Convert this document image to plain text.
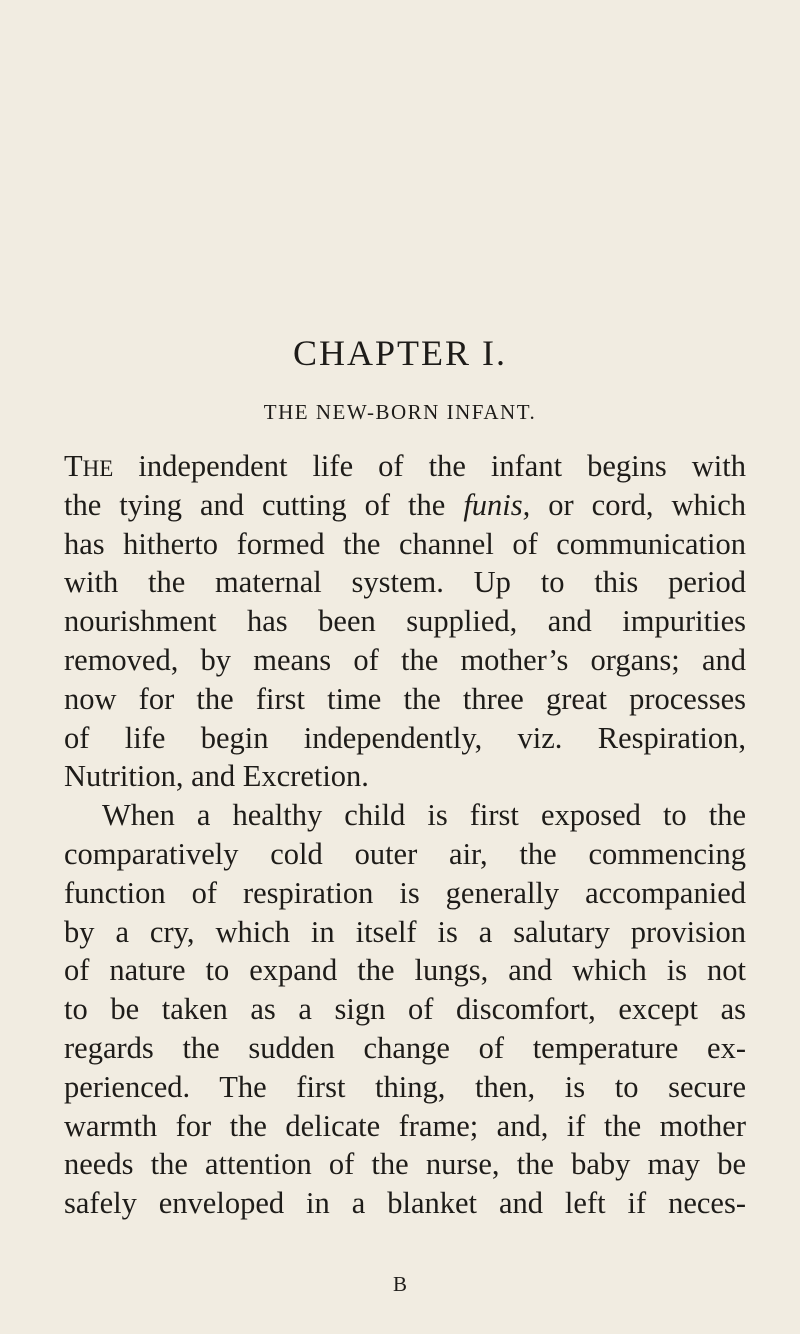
CHAPTER I.
THE NEW-BORN INFANT.
THE independent life of the infant begins with
the tying and cutting of the funis, or cord, which
has hitherto formed the channel of communication
with the maternal system. Up to this period
nourishment has been supplied, and impurities
removed, by means of the mother’s organs; and
now for the first time the three great processes
of life begin independently, viz. Respiration,
Nutrition, and Excretion.
When a healthy child is first exposed to the
comparatively cold outer air, the commencing
function of respiration is generally accompanied
by a cry, which in itself is a salutary provision
of nature to expand the lungs, and which is not
to be taken as a sign of discomfort, except as
regards the sudden change of temperature ex-
perienced. The first thing, then, is to secure
warmth for the delicate frame; and, if the mother
needs the attention of the nurse, the baby may be
safely enveloped in a blanket and left if neces-
B
